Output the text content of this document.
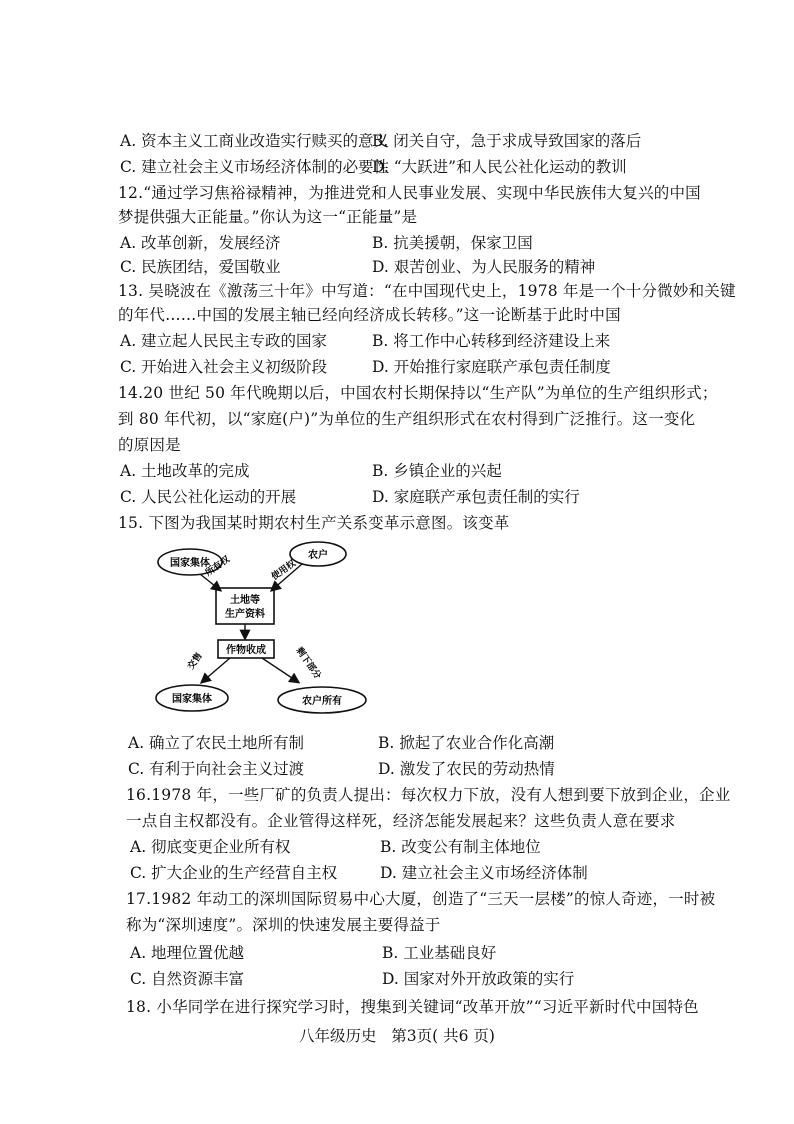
A. 资本主义工商业改造实行赎买的意义
B. 闭关自守，急于求成导致国家的落后
C. 建立社会主义市场经济体制的必要性
D. “大跃进”和人民公社化运动的教训
12.“通过学习焦裕禄精神，为推进党和人民事业发展、实现中华民族伟大复兴的中国
梦提供强大正能量。”你认为这一“正能量”是
A. 改革创新，发展经济	B. 抗美援朝，保家卫国
C. 民族团结，爱国敬业	D. 艰苦创业、为人民服务的精神
13. 吴晓波在《激荡三十年》中写道：“在中国现代史上，1978 年是一个十分微妙和关键
的年代……中国的发展主轴已经向经济成长转移。”这一论断基于此时中国
A. 建立起人民民主专政的国家	B. 将工作中心转移到经济建设上来
C. 开始进入社会主义初级阶段	D. 开始推行家庭联产承包责任制度
14.20 世纪 50 年代晚期以后，中国农村长期保持以“生产队”为单位的生产组织形式；
到 80 年代初，以“家庭(户)”为单位的生产组织形式在农村得到广泛推行。这一变化
的原因是
A. 土地改革的完成	B. 乡镇企业的兴起
C. 人民公社化运动的开展	D. 家庭联产承包责任制的实行
15. 下图为我国某时期农村生产关系变革示意图。该变革
国家集体
农户
土地等
生产资料
所有权	使用权
作物收成
交售	剩下部分
国家集体	农户所有
A. 确立了农民土地所有制	B. 掀起了农业合作化高潮
C. 有利于向社会主义过渡	D. 激发了农民的劳动热情
16.1978 年，一些厂矿的负责人提出：每次权力下放，没有人想到要下放到企业，企业
一点自主权都没有。企业管得这样死，经济怎能发展起来？这些负责人意在要求
A. 彻底变更企业所有权	B. 改变公有制主体地位
C. 扩大企业的生产经营自主权	D. 建立社会主义市场经济体制
17.1982 年动工的深圳国际贸易中心大厦，创造了“三天一层楼”的惊人奇迹，一时被
称为“深圳速度”。深圳的快速发展主要得益于
A. 地理位置优越	B. 工业基础良好
C. 自然资源丰富	D. 国家对外开放政策的实行
18. 小华同学在进行探究学习时，搜集到关键词“改革开放”“习近平新时代中国特色
八年级历史   第3页( 共6 页)
